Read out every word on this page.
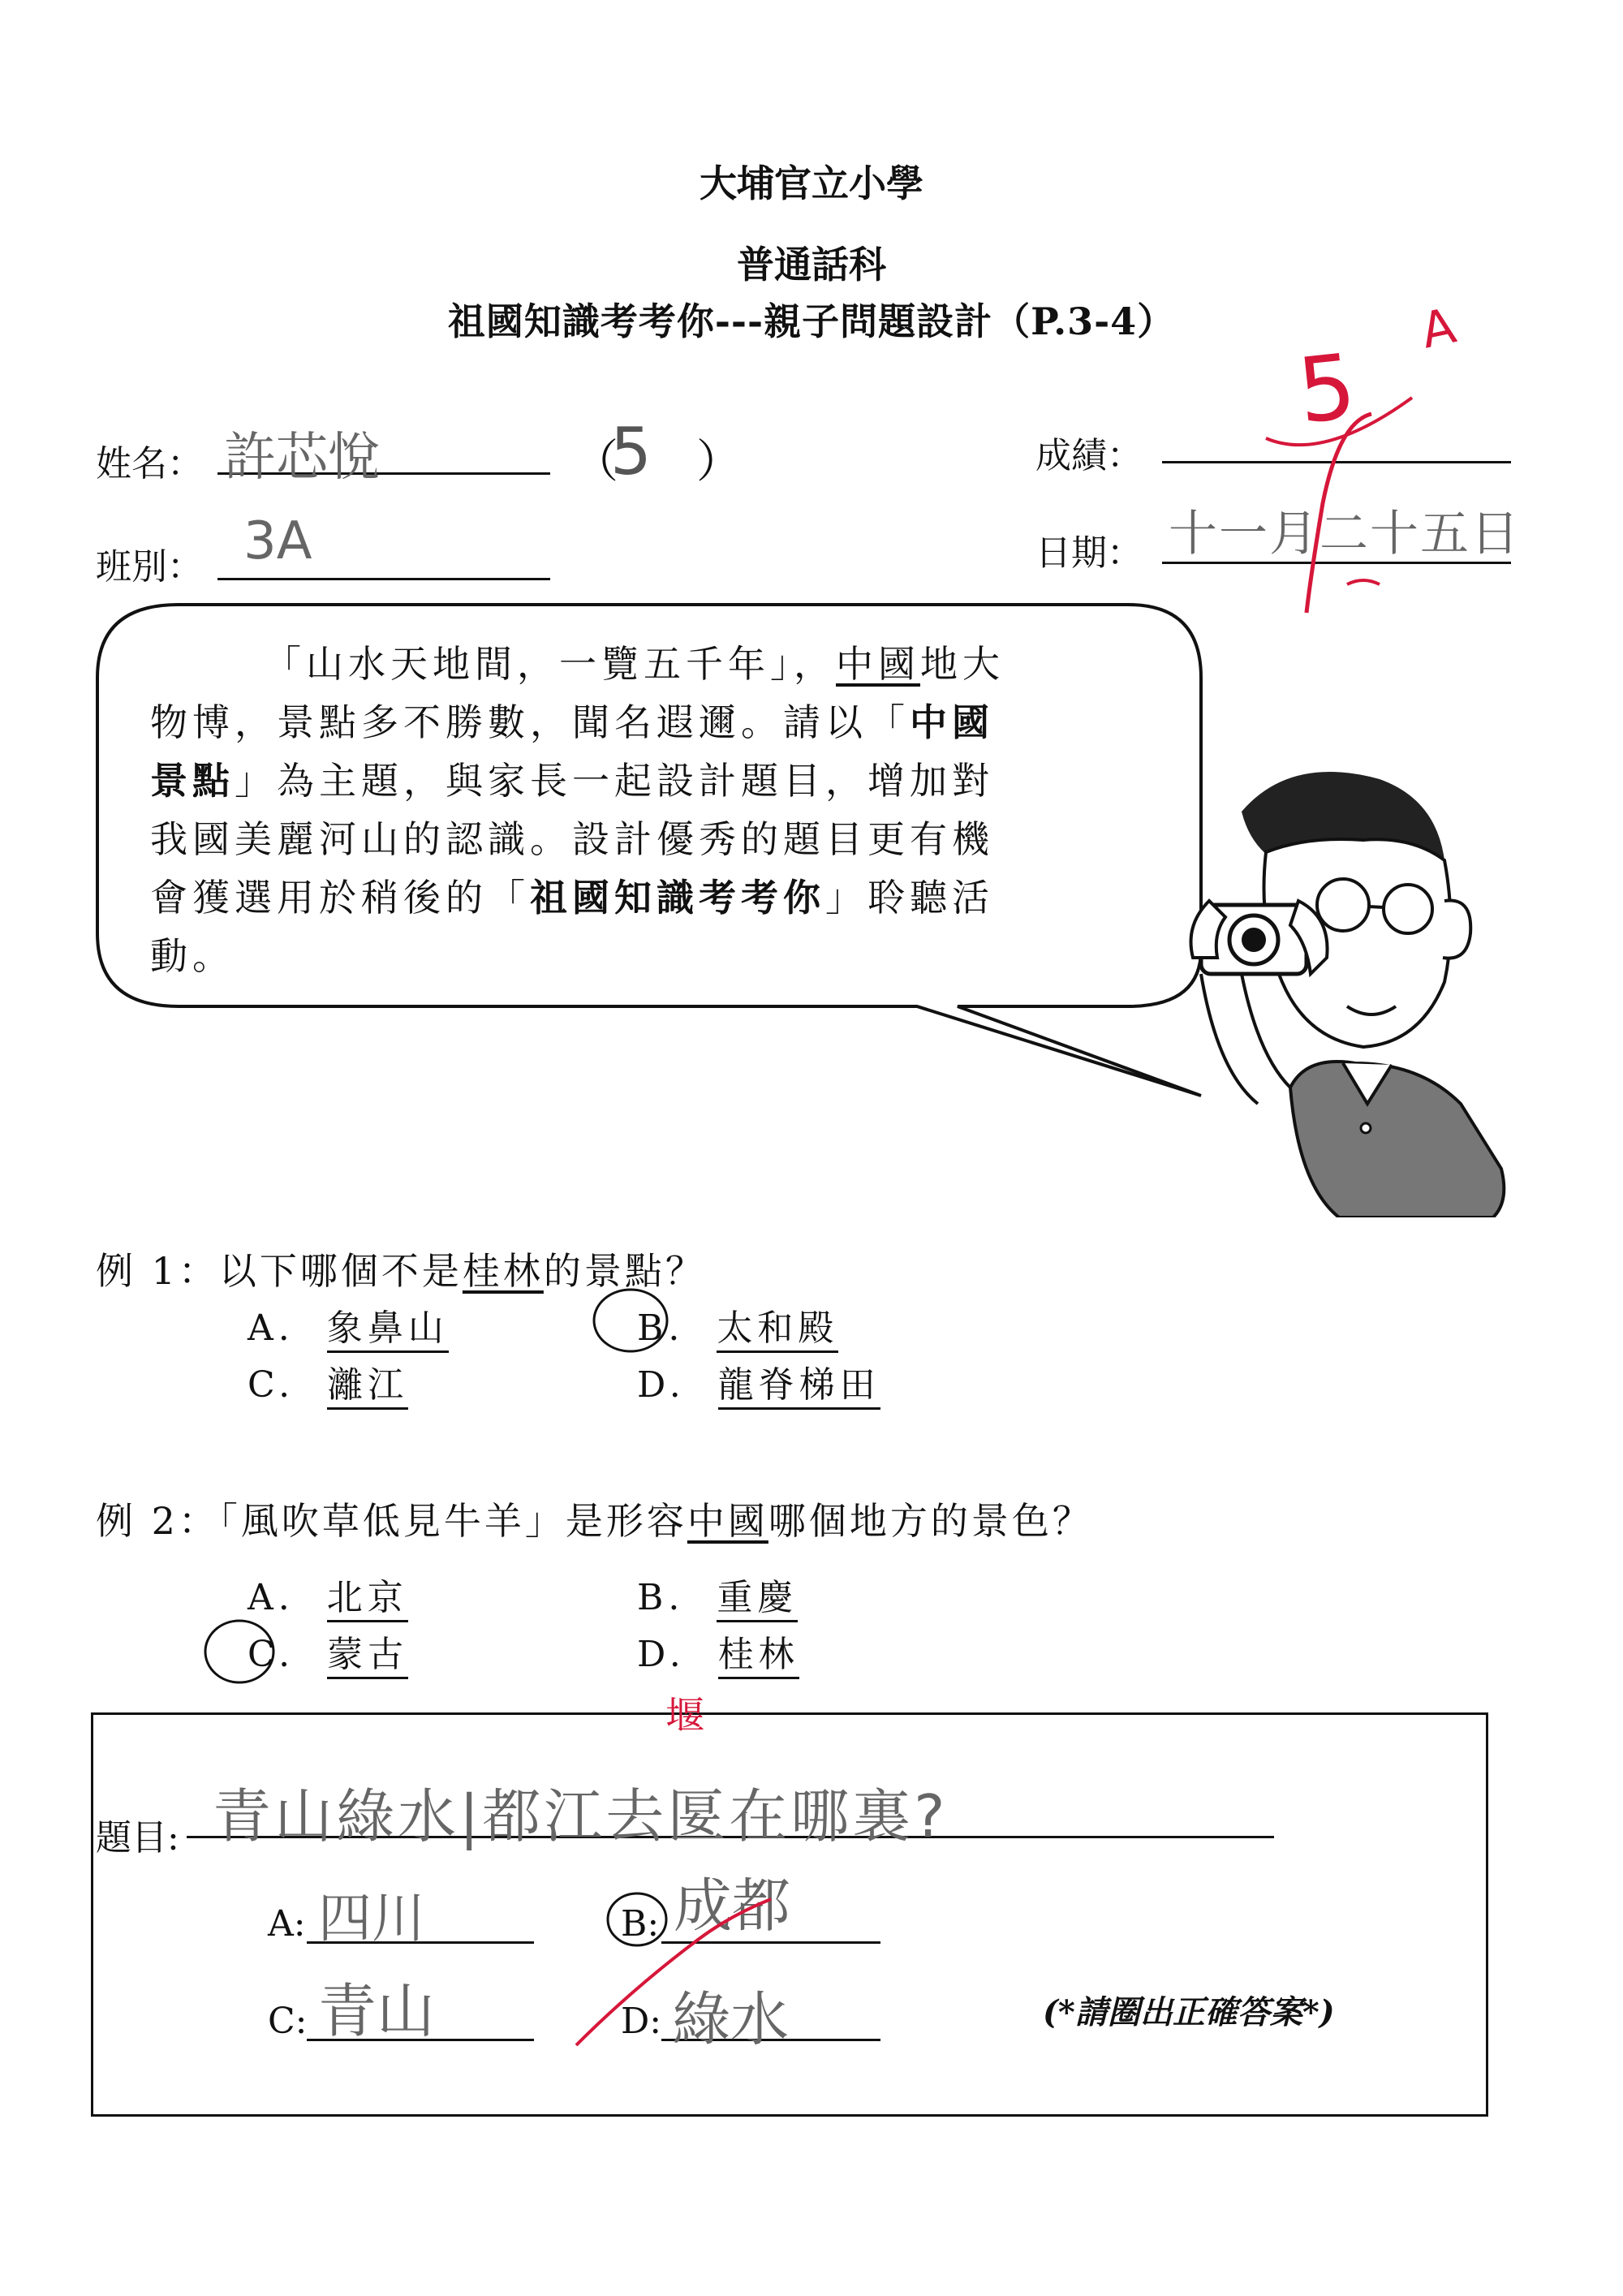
大埔官立小學
普通話科
祖國知識考考你---親子問題設計（P.3-4）	A
姓名： 許芯悅	（
5 ）
班別： 3A
成績：
5
日期： 十一月二十五日

「山水天地間，一覽五千年」，中國地大

物博，景點多不勝數，聞名遐邇。請以「中國

景點」為主題，與家長一起設計題目，增加對

我國美麗河山的認識。設計優秀的題目更有機

會獲選用於稍後的「祖國知識考考你」聆聽活

動。

例 1：以下哪個不是桂林的景點？
A. 象鼻山	B. 太和殿
C. 灕江	D. 龍脊梯田
例 2：「風吹草低見牛羊」是形容中國哪個地方的景色？
A. 北京	B. 重慶
C. 蒙古	D. 桂林
堰
題目: 青山綠水|都江去匽在哪裏?
A: 四川	B: 成都
C: 青山	D: 綠水	(*請圈出正確答案*)
